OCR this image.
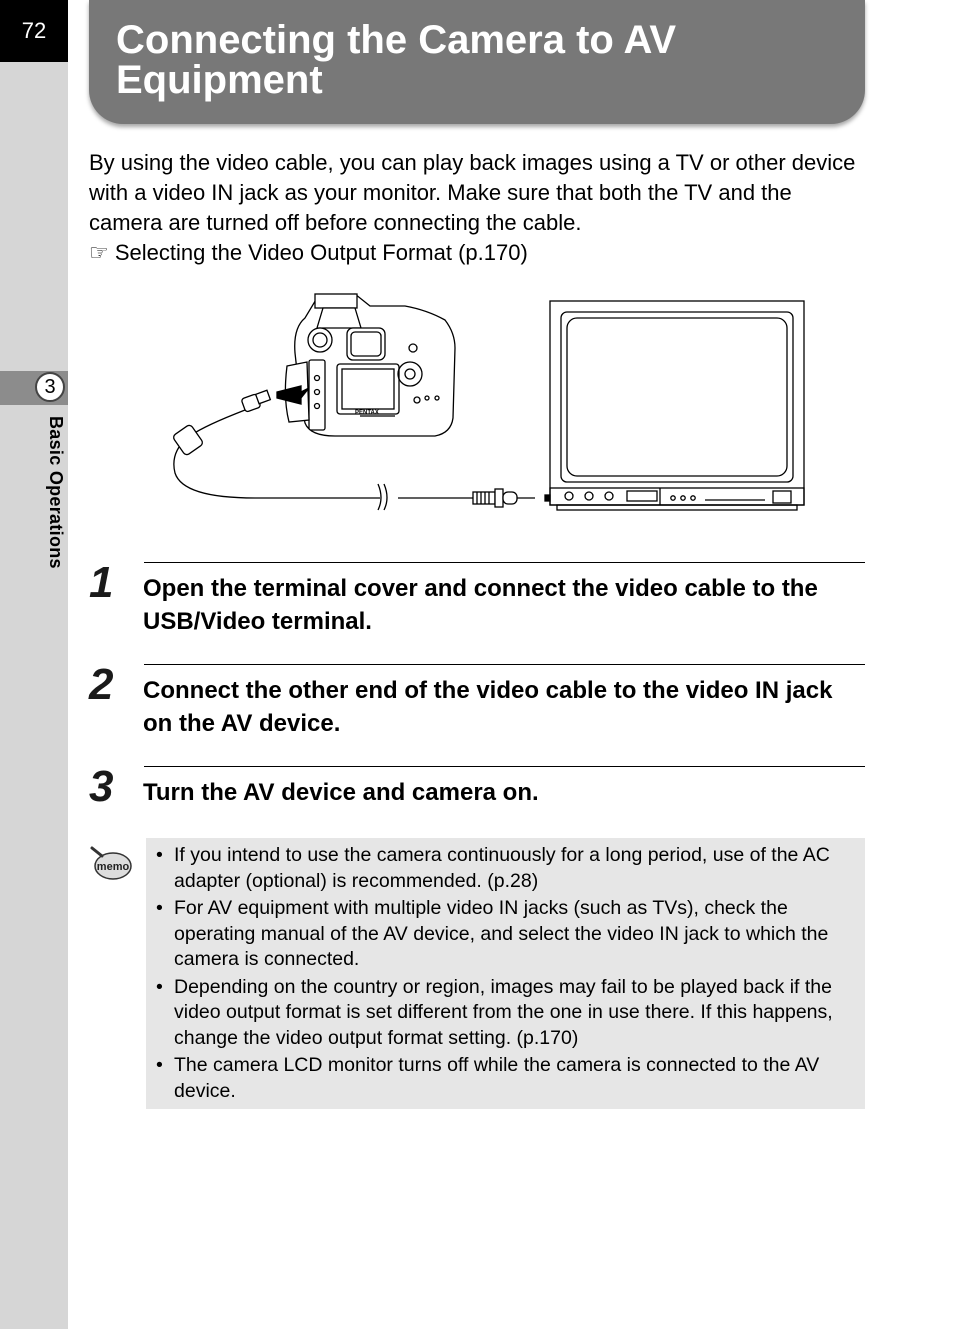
72
3
Basic Operations
Connecting the Camera to AV Equipment

By using the video cable, you can play back images using a TV or other device with a video IN jack as your monitor. Make sure that both the TV and the camera are turned off before connecting the cable.

☞ Selecting the Video Output Format (p.170)

PENTAX
1 Open the terminal cover and connect the video cable to the USB/Video terminal.
2 Connect the other end of the video cable to the video IN jack on the AV device.
3 Turn the AV device and camera on.
memo
• If you intend to use the camera continuously for a long period, use of the AC adapter (optional) is recommended. (p.28)
• For AV equipment with multiple video IN jacks (such as TVs), check the operating manual of the AV device, and select the video IN jack to which the camera is connected.
• Depending on the country or region, images may fail to be played back if the video output format is set different from the one in use there. If this happens, change the video output format setting. (p.170)
• The camera LCD monitor turns off while the camera is connected to the AV device.
